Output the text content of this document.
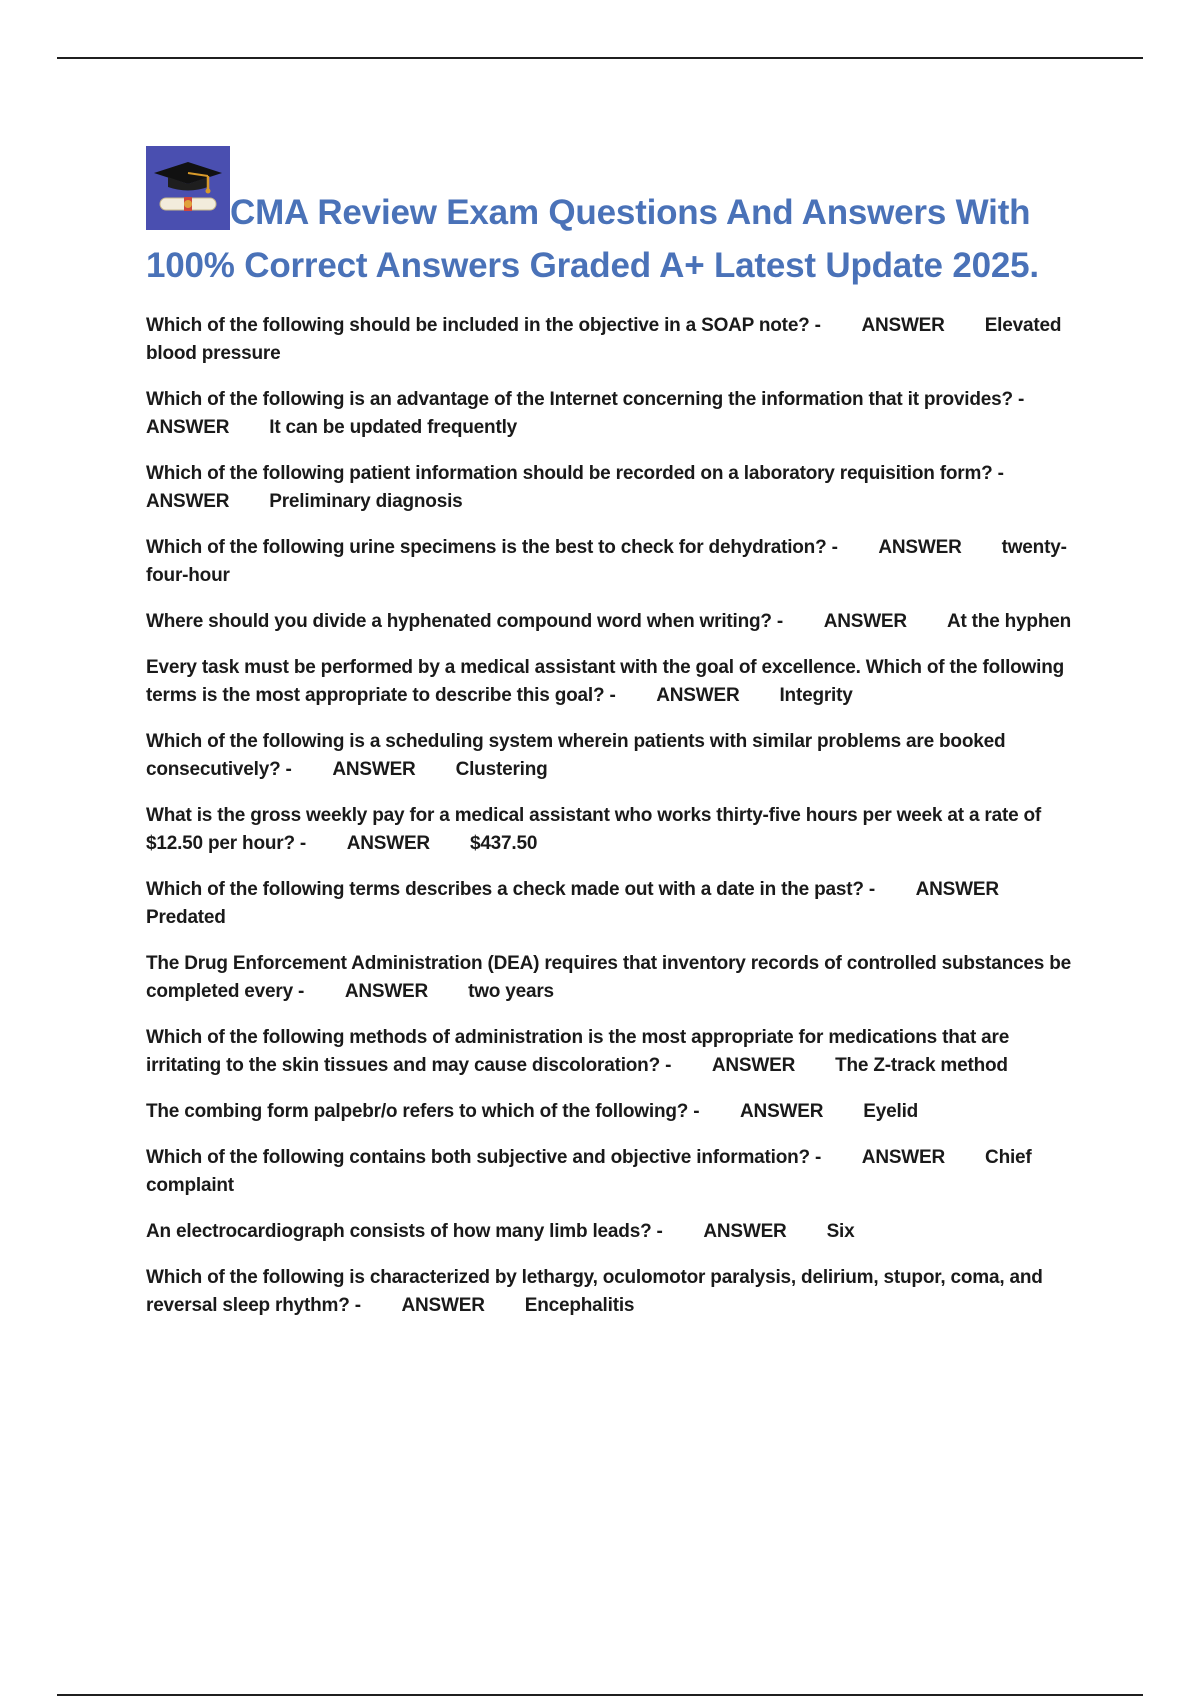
CMA Review Exam Questions And Answers With 100% Correct Answers Graded A+ Latest Update 2025.
Which of the following should be included in the objective in a SOAP note? - ANSWER Elevated blood pressure
Which of the following is an advantage of the Internet concerning the information that it provides? -        ANSWER It can be updated frequently
Which of the following patient information should be recorded on a laboratory requisition form? -        ANSWER Preliminary diagnosis
Which of the following urine specimens is the best to check for dehydration? - ANSWER twenty-four-hour
Where should you divide a hyphenated compound word when writing? - ANSWER At the hyphen
Every task must be performed by a medical assistant with the goal of excellence. Which of the following terms is the most appropriate to describe this goal? - ANSWER Integrity
Which of the following is a scheduling system wherein patients with similar problems are booked consecutively? - ANSWER Clustering
What is the gross weekly pay for a medical assistant who works thirty-five hours per week at a rate of $12.50 per hour? - ANSWER $437.50
Which of the following terms describes a check made out with a date in the past? - ANSWERPredated
The Drug Enforcement Administration (DEA) requires that inventory records of controlled substances be completed every - ANSWER two years
Which of the following methods of administration is the most appropriate for medications that are irritating to the skin tissues and may cause discoloration? - ANSWER The Z-track method
The combing form palpebr/o refers to which of the following? - ANSWER Eyelid
Which of the following contains both subjective and objective information? - ANSWER Chief complaint
An electrocardiograph consists of how many limb leads? - ANSWER Six
Which of the following is characterized by lethargy, oculomotor paralysis, delirium, stupor, coma, and reversal sleep rhythm? - ANSWER Encephalitis
